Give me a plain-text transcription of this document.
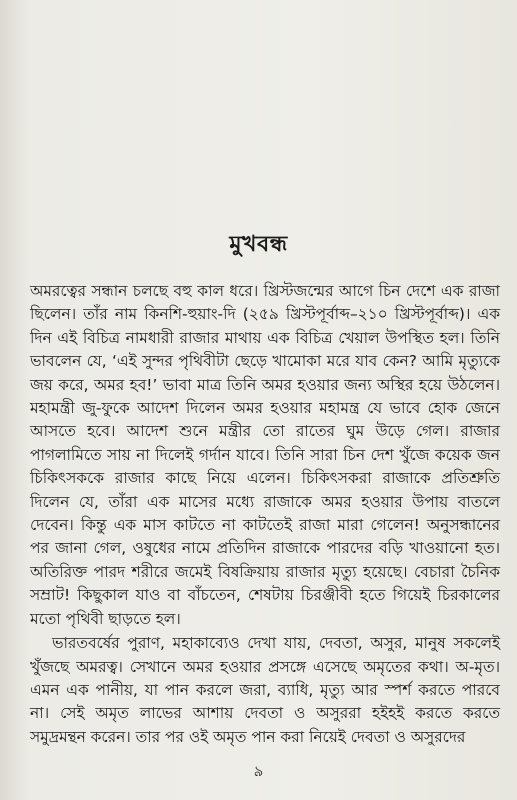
মুখবন্ধ

অমরত্বের সন্ধান চলছে বহু কাল ধরে। খ্রিস্টজন্মের আগে চিন দেশে এক রাজা ছিলেন। তাঁর নাম কিনশি-হুয়াং-দি (২৫৯ খ্রিস্টপূর্বাব্দ–২১০ খ্রিস্টপূর্বাব্দ)। এক দিন এই বিচিত্র নামধারী রাজার মাথায় এক বিচিত্র খেয়াল উপস্থিত হল। তিনি ভাবলেন যে, ‘এই সুন্দর পৃথিবীটা ছেড়ে খামোকা মরে যাব কেন? আমি মৃত্যুকে জয় করে, অমর হব!’ ভাবা মাত্র তিনি অমর হওয়ার জন্য অস্থির হয়ে উঠলেন। মহামন্ত্রী জু-ফুকে আদেশ দিলেন অমর হওয়ার মহামন্ত্র যে ভাবে হোক জেনে আসতে হবে। আদেশ শুনে মন্ত্রীর তো রাতের ঘুম উড়ে গেল। রাজার পাগলামিতে সায় না দিলেই গর্দান যাবে। তিনি সারা চিন দেশ খুঁজে কয়েক জন চিকিৎসককে রাজার কাছে নিয়ে এলেন। চিকিৎসকরা রাজাকে প্রতিশ্রুতি দিলেন যে, তাঁরা এক মাসের মধ্যে রাজাকে অমর হওয়ার উপায় বাতলে দেবেন। কিন্তু এক মাস কাটতে না কাটতেই রাজা মারা গেলেন! অনুসন্ধানের পর জানা গেল, ওষুধের নামে প্রতিদিন রাজাকে পারদের বড়ি খাওয়ানো হত। অতিরিক্ত পারদ শরীরে জমেই বিষক্রিয়ায় রাজার মৃত্যু হয়েছে। বেচারা চৈনিক সম্রাট! কিছুকাল যাও বা বাঁচতেন, শেষটায় চিরঞ্জীবী হতে গিয়েই চিরকালের মতো পৃথিবী ছাড়তে হল।

ভারতবর্ষের পুরাণ, মহাকাব্যেও দেখা যায়, দেবতা, অসুর, মানুষ সকলেই খুঁজছে অমরত্ব। সেখানে অমর হওয়ার প্রসঙ্গে এসেছে অমৃতের কথা। অ-মৃত। এমন এক পানীয়, যা পান করলে জরা, ব্যাধি, মৃত্যু আর স্পর্শ করতে পারবে না। সেই অমৃত লাভের আশায় দেবতা ও অসুররা হইহই করতে করতে সমুদ্রমন্থন করেন। তার পর ওই অমৃত পান করা নিয়েই দেবতা ও অসুরদের

৯
